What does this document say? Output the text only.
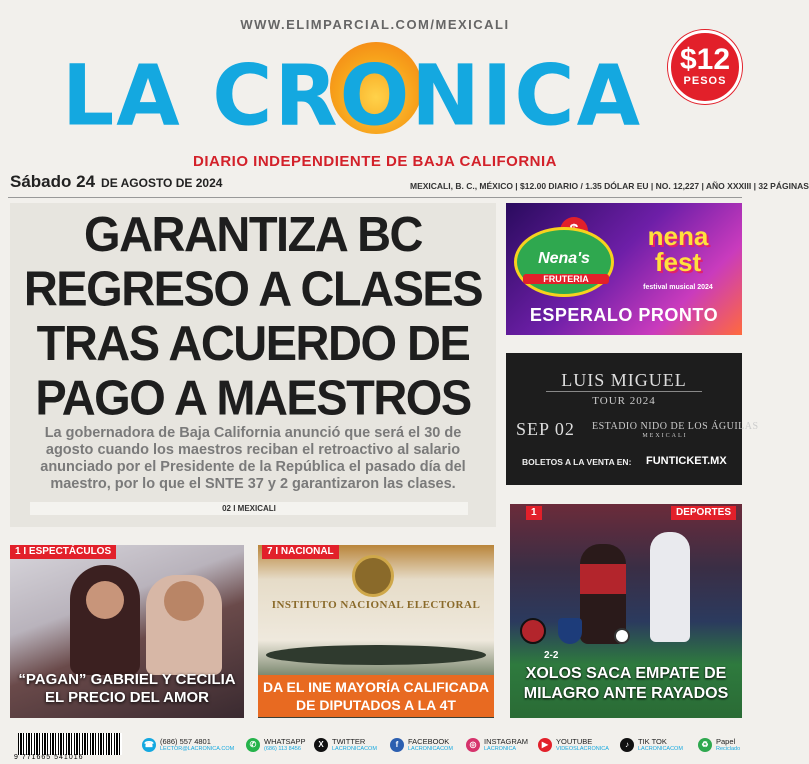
WWW.ELIMPARCIAL.COM/MEXICALI
LA CRONICA	$12
PESOS
DIARIO INDEPENDIENTE DE BAJA CALIFORNIA
Sábado 24 DE AGOSTO DE 2024	MEXICALI, B. C., MÉXICO | $12.00 DIARIO / 1.35 DÓLAR EU | NO. 12,227 | AÑO XXXIII | 32 PÁGINAS
GARANTIZA BC REGRESO A CLASES TRAS ACUERDO DE PAGO A MAESTROS
La gobernadora de Baja California anunció que será el 30 de agosto cuando los maestros reciban el retroactivo al salario anunciado por el Presidente de la República el pasado día del maestro, por lo que el SNTE 37 y 2 garantizaron las clases.
02 I MEXICALI
Nena's
FRUTERIA
nena fest
festival musical 2024
ESPERALO PRONTO
LUIS MIGUEL
TOUR 2024
SEP 02 ESTADIO NIDO DE LOS ÁGUILAS
MEXICALI
BOLETOS A LA VENTA EN: FUNTICKET.MX
2-2
XOLOS SACA EMPATE DE MILAGRO ANTE RAYADOS
1	DEPORTES
1 I ESPECTÁCULOS
“PAGAN” GABRIEL Y CECILIA EL PRECIO DEL AMOR
INSTITUTO NACIONAL ELECTORAL
7 I NACIONAL
DA EL INE MAYORÍA CALIFICADA DE DIPUTADOS A LA 4T
9 771665 541016
☎ (686) 557 4801
LECTOR@LACRONICA.COM	✆	WHATSAPP
(686) 113 8456	X	TWITTER
LACRONICACOM	f	FACEBOOK
LACRONICACOM	◎	INSTAGRAM
LACRONICA	▶	YOUTUBE
VIDEOSLACRONICA	♪	TIK TOK
LACRONICACOM	♻ Papel
Reciclado
